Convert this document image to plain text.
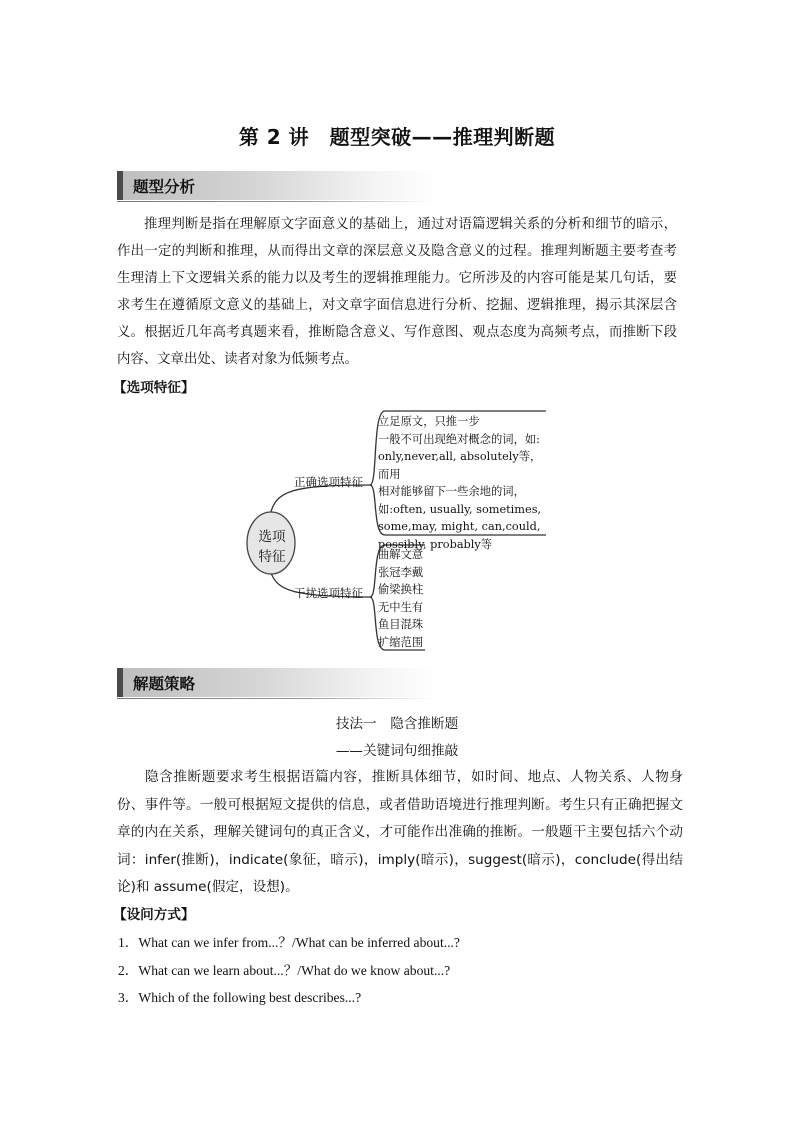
第 2 讲　题型突破——推理判断题
题型分析
推理判断是指在理解原文字面意义的基础上，通过对语篇逻辑关系的分析和细节的暗示，作出一定的判断和推理，从而得出文章的深层意义及隐含意义的过程。推理判断题主要考查考生理清上下文逻辑关系的能力以及考生的逻辑推理能力。它所涉及的内容可能是某几句话，要求考生在遵循原文意义的基础上，对文章字面信息进行分析、挖掘、逻辑推理，揭示其深层含义。根据近几年高考真题来看，推断隐含意义、写作意图、观点态度为高频考点，而推断下段内容、文章出处、读者对象为低频考点。
【选项特征】
选项
特征
正确选项特征
干扰选项特征
立足原文，只推一步
一般不可出现绝对概念的词，如:
only,never,all, absolutely等，而用
相对能够留下一些余地的词，
如:often, usually, sometimes,
some,may, might, can,could,
possibly, probably等
曲解文意
张冠李戴
偷梁换柱
无中生有
鱼目混珠
扩缩范围
解题策略
技法一　隐含推断题
——关键词句细推敲
隐含推断题要求考生根据语篇内容，推断具体细节，如时间、地点、人物关系、人物身份、事件等。一般可根据短文提供的信息，或者借助语境进行推理判断。考生只有正确把握文章的内在关系，理解关键词句的真正含义，才可能作出准确的推断。一般题干主要包括六个动词：infer(推断)，indicate(象征，暗示)，imply(暗示)，suggest(暗示)，conclude(得出结论)和 assume(假定，设想)。
【设问方式】
1．What can we infer from...？/What can be inferred about...?
2．What can we learn about...？/What do we know about...?
3．Which of the following best describes...?
